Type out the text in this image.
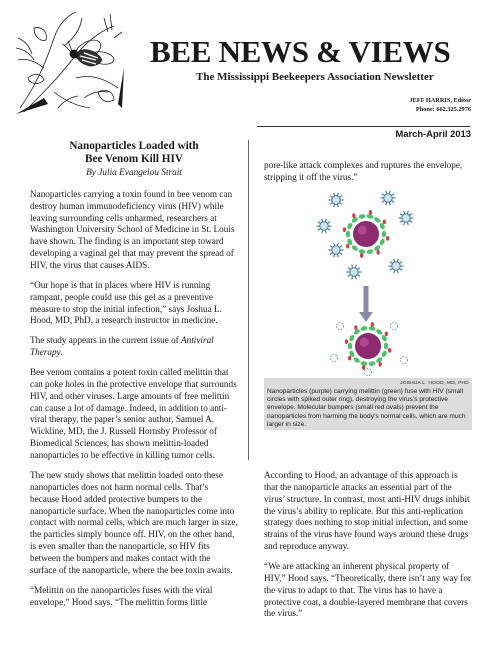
BEE NEWS & VIEWS
The Mississippi Beekeepers Association Newsletter
JEFF HARRIS, Editor
Phone: 662.325.2976
March-April 2013
Nanoparticles Loaded with
Bee Venom Kill HIV
By Julia Evangelou Strait

Nanoparticles carrying a toxin found in bee venom can destroy human immunodeficiency virus (HIV) while leaving surrounding cells unharmed, researchers at Washington University School of Medicine in St. Louis have shown. The finding is an important step toward developing a vaginal gel that may prevent the spread of HIV, the virus that causes AIDS.

“Our hope is that in places where HIV is running rampant, people could use this gel as a preventive measure to stop the initial infection,” says Joshua L. Hood, MD, PhD, a research instructor in medicine.

The study appears in the current issue of Antiviral Therapy.

Bee venom contains a potent toxin called melittin that can poke holes in the protective envelope that surrounds HIV, and other viruses. Large amounts of free melittin can cause a lot of damage. Indeed, in addition to anti-viral therapy, the paper’s senior author, Samuel A. Wickline, MD, the J. Russell Hornsby Professor of Biomedical Sciences, has shown melittin-loaded nanoparticles to be effective in killing tumor cells.

The new study shows that melittin loaded onto these nanoparticles does not harm normal cells. That’s because Hood added protective bumpers to the nanoparticle surface. When the nanoparticles come into contact with normal cells, which are much larger in size, the particles simply bounce off. HIV, on the other hand, is even smaller than the nanoparticle, so HIV fits between the bumpers and makes contact with the surface of the nanoparticle, where the bee toxin awaits.

“Melittin on the nanoparticles fuses with the viral envelope,” Hood says. “The melittin forms little

pore-like attack complexes and ruptures the envelope, stripping it off the virus.”

JOSHUA L. HOOD, MD, PHD
Nanoparticles (purple) carrying melittin (green) fuse with HIV (small circles with spiked outer ring), destroying the virus’s protective envelope. Molecular bumpers (small red ovals) prevent the nanoparticles from harming the body’s normal cells, which are much larger in size.

According to Hood, an advantage of this approach is that the nanoparticle attacks an essential part of the virus’ structure. In contrast, most anti-HIV drugs inhibit the virus’s ability to replicate. But this anti-replication strategy does nothing to stop initial infection, and some strains of the virus have found ways around these drugs and reproduce anyway.

“We are attacking an inherent physical property of HIV,” Hood says. “Theoretically, there isn’t any way for the virus to adapt to that. The virus has to have a protective coat, a double-layered membrane that covers the virus.”
